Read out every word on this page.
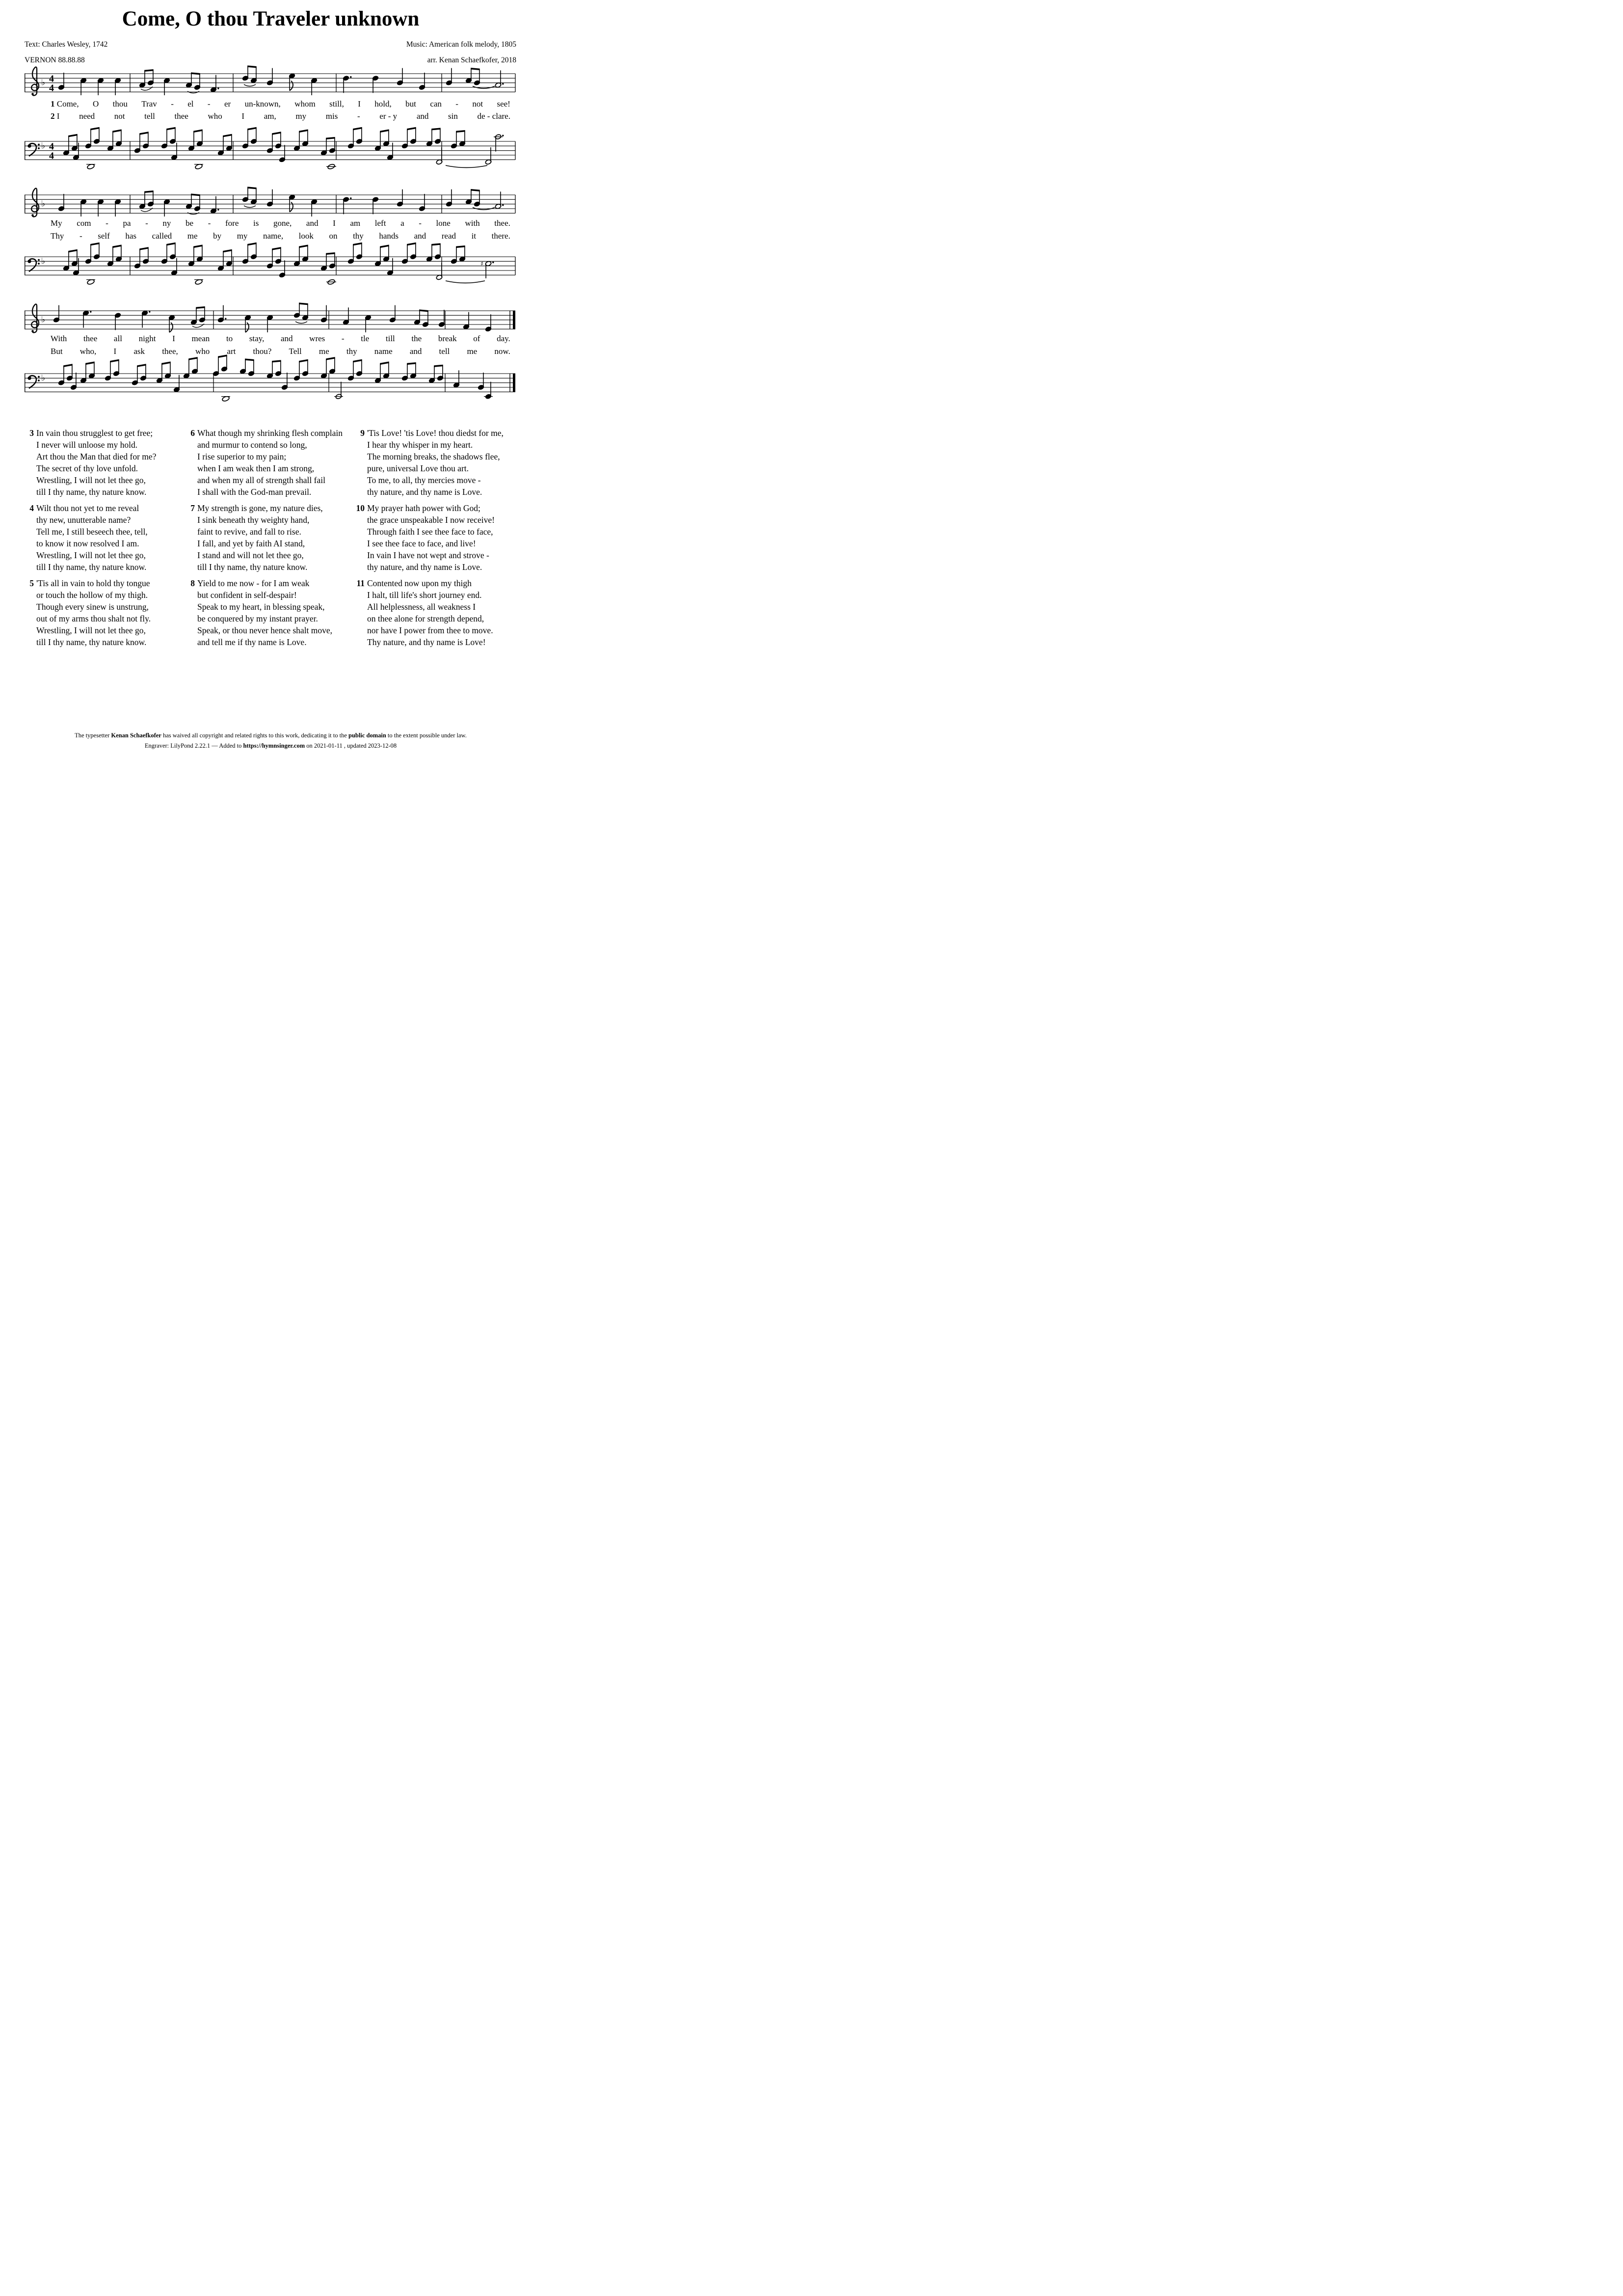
Come, O thou Traveler unknown
Text: Charles Wesley, 1742	Music: American folk melody, 1805
VERNON 88.88.88	arr. Kenan Schaefkofer, 2018
♭ 4
4
1 Come, O thou Trav - el - er un-known, whom still, I hold, but can - not see!
2 I need not tell thee who I am, my mis - er - y and sin de - clare.
♭ 4
4
♭
My com - pa - ny be - fore is gone, and I am left a - lone with thee.
Thy - self has called me by my name, look on thy hands and read it there.
♭	♯
♭
With thee all night I mean to stay, and wres - tle till the break of day.
But who, I ask thee, who art thou? Tell me thy name and tell me now.
♭
3 In vain thou strugglest to get free;
I never will unloose my hold.
Art thou the Man that died for me?
The secret of thy love unfold.
Wrestling, I will not let thee go,
till I thy name, thy nature know.
4 Wilt thou not yet to me reveal
thy new, unutterable name?
Tell me, I still beseech thee, tell,
to know it now resolved I am.
Wrestling, I will not let thee go,
till I thy name, thy nature know.
5 'Tis all in vain to hold thy tongue
or touch the hollow of my thigh.
Though every sinew is unstrung,
out of my arms thou shalt not fly.
Wrestling, I will not let thee go,
till I thy name, thy nature know.
6 What though my shrinking flesh complain
and murmur to contend so long,
I rise superior to my pain;
when I am weak then I am strong,
and when my all of strength shall fail
I shall with the God-man prevail.
7 My strength is gone, my nature dies,
I sink beneath thy weighty hand,
faint to revive, and fall to rise.
I fall, and yet by faith AI stand,
I stand and will not let thee go,
till I thy name, thy nature know.
8 Yield to me now - for I am weak
but confident in self-despair!
Speak to my heart, in blessing speak,
be conquered by my instant prayer.
Speak, or thou never hence shalt move,
and tell me if thy name is Love.
9 'Tis Love! 'tis Love! thou diedst for me,
I hear thy whisper in my heart.
The morning breaks, the shadows flee,
pure, universal Love thou art.
To me, to all, thy mercies move -
thy nature, and thy name is Love.
10 My prayer hath power with God;
the grace unspeakable I now receive!
Through faith I see thee face to face,
I see thee face to face, and live!
In vain I have not wept and strove -
thy nature, and thy name is Love.
11 Contented now upon my thigh
I halt, till life's short journey end.
All helplessness, all weakness I
on thee alone for strength depend,
nor have I power from thee to move.
Thy nature, and thy name is Love!
The typesetter Kenan Schaefkofer has waived all copyright and related rights to this work, dedicating it to the public domain to the extent possible under law.
Engraver: LilyPond 2.22.1 — Added to https://hymnsinger.com on 2021-01-11 , updated 2023-12-08
